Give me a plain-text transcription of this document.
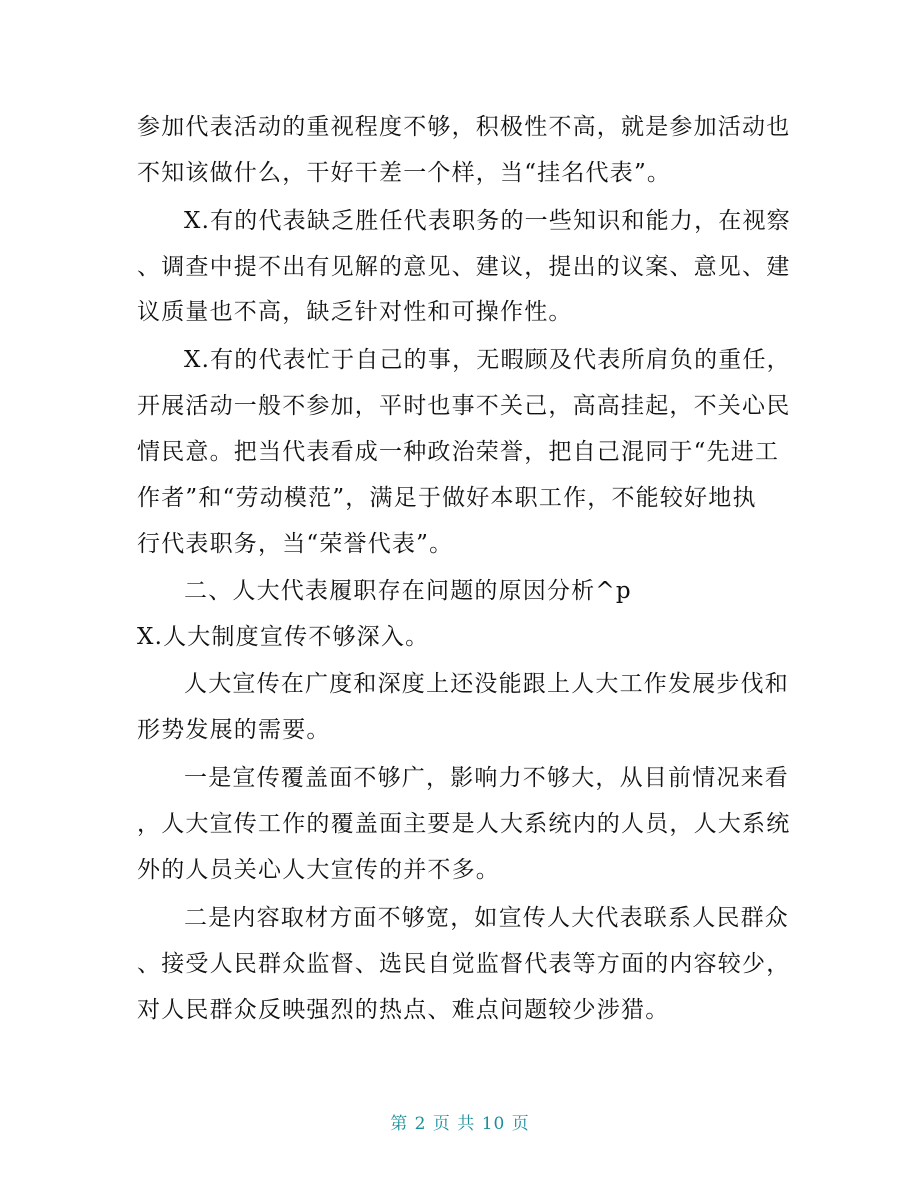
参加代表活动的重视程度不够，积极性不高，就是参加活动也
不知该做什么，干好干差一个样，当“挂名代表”。
X.有的代表缺乏胜任代表职务的一些知识和能力，在视察
、调查中提不出有见解的意见、建议，提出的议案、意见、建
议质量也不高，缺乏针对性和可操作性。
X.有的代表忙于自己的事，无暇顾及代表所肩负的重任，
开展活动一般不参加，平时也事不关己，高高挂起，不关心民
情民意。把当代表看成一种政治荣誉，把自己混同于“先进工
作者”和“劳动模范”，满足于做好本职工作，不能较好地执
行代表职务，当“荣誉代表”。
二、人大代表履职存在问题的原因分析^p
X.人大制度宣传不够深入。
人大宣传在广度和深度上还没能跟上人大工作发展步伐和
形势发展的需要。
一是宣传覆盖面不够广，影响力不够大，从目前情况来看
，人大宣传工作的覆盖面主要是人大系统内的人员，人大系统
外的人员关心人大宣传的并不多。
二是内容取材方面不够宽，如宣传人大代表联系人民群众
、接受人民群众监督、选民自觉监督代表等方面的内容较少，
对人民群众反映强烈的热点、难点问题较少涉猎。
第 2 页 共 10 页
